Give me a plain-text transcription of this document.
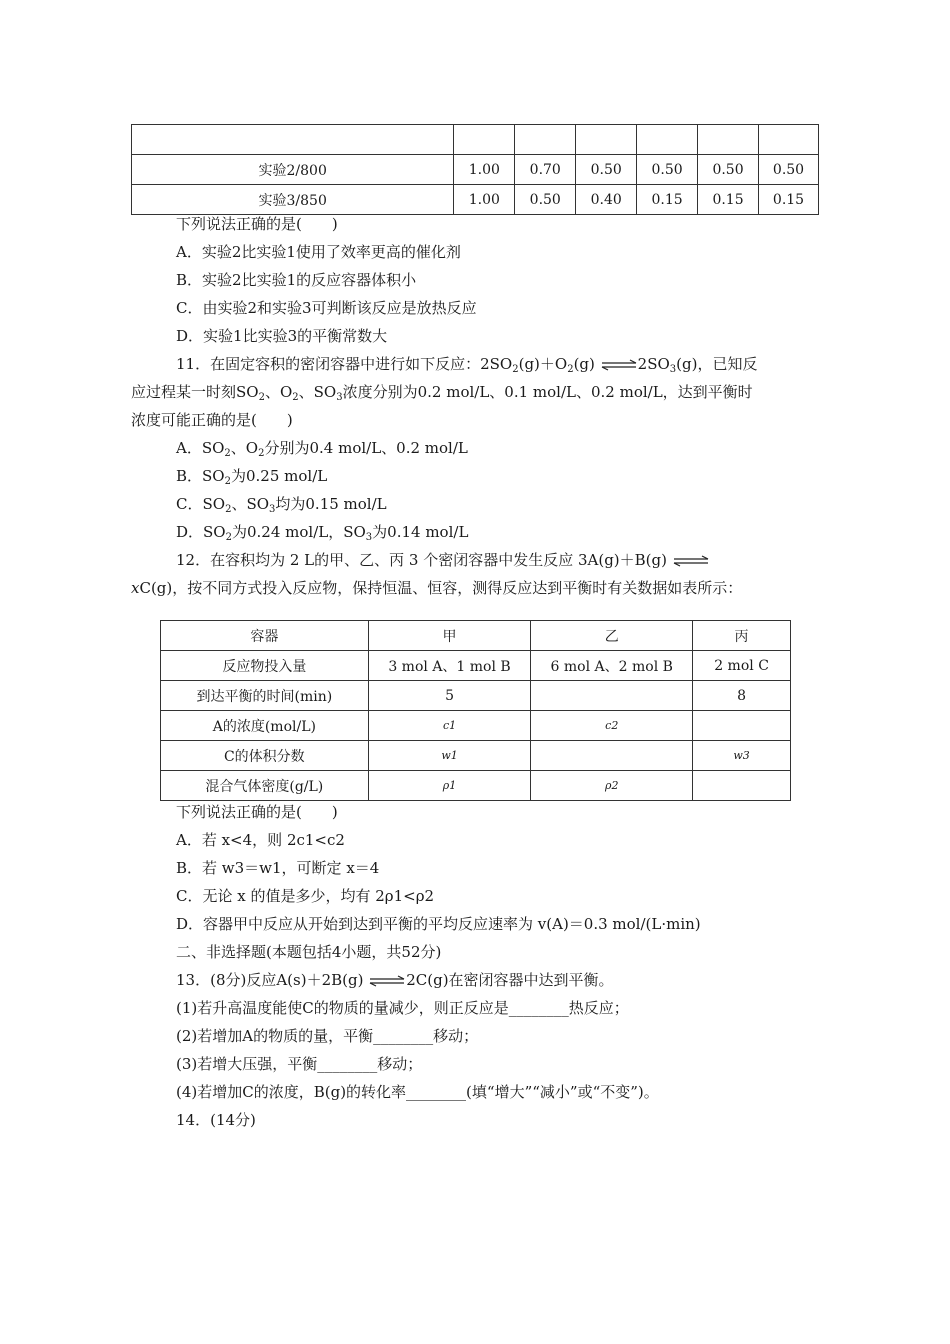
实验2/800	1.00	0.70	0.50	0.50	0.50	0.50
实验3/850	1.00	0.50	0.40	0.15	0.15	0.15
下列说法正确的是(　　)
A．实验2比实验1使用了效率更高的催化剂
B．实验2比实验1的反应容器体积小
C．由实验2和实验3可判断该反应是放热反应
D．实验1比实验3的平衡常数大
11．在固定容积的密闭容器中进行如下反应：$2SO_2(g)+O_2(g)$ $\rightleftharpoons 2SO_3(g)$，已知反
应过程某一时刻$SO_2$、$O_2$、$SO_3$浓度分别为0.2 mol/L、0.1 mol/L、0.2 mol/L，达到平衡时
浓度可能正确的是(　　)
A．$SO_2$、$O_2$分别为0.4 mol/L、0.2 mol/L
B．$SO_2$为0.25 mol/L
C．$SO_2$、$SO_3$均为0.15 mol/L
D．$SO_2$为0.24 mol/L，$SO_3$为0.14 mol/L
12．在容积均为 2 L的甲、乙、丙 3 个密闭容器中发生反应 3A(g)＋B(g) ⇌
xC(g)，按不同方式投入反应物，保持恒温、恒容，测得反应达到平衡时有关数据如表所示：
容器	甲	乙	丙
反应物投入量	3 mol A、1 mol B	6 mol A、2 mol B	2 mol C
到达平衡的时间(min)	5		8
A的浓度(mol/L)	c1	c2	
C的体积分数	w1		w3
混合气体密度(g/L)	ρ1	ρ2	
下列说法正确的是(　　)
A．若 x<4，则 2c1<c2
B．若 w3＝w1，可断定 x＝4
C．无论 x 的值是多少，均有 2ρ1<ρ2
D．容器甲中反应从开始到达到平衡的平均反应速率为 v(A)＝0.3 mol/(L·min)
二、非选择题(本题包括4小题，共52分)
13．(8分)反应A(s)＋2B(g) ⇌2C(g)在密闭容器中达到平衡。
(1)若升高温度能使C的物质的量减少，则正反应是________热反应；
(2)若增加A的物质的量，平衡________移动；
(3)若增大压强，平衡________移动；
(4)若增加C的浓度，B(g)的转化率________(填“增大”“减小”或“不变”)。
14．(14分)
